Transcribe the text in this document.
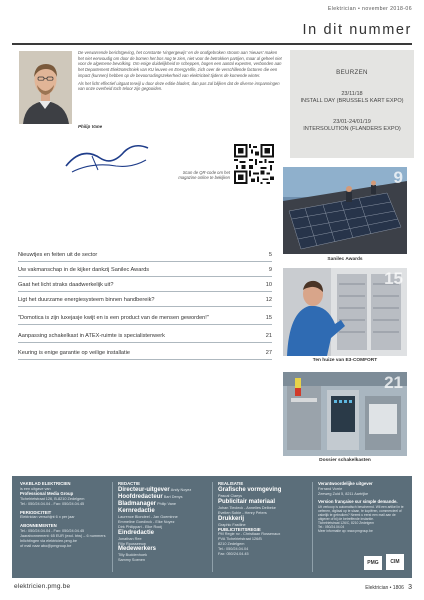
Elektrician • november 2018-06
In dit nummer

De verwarrende berichtgeving, het constante 'vingergewijs' en de onafgebroken stroom aan 'nieuws' maken het niet eenvoudig om door de bomen het bos nog te zien, niet voor de betrokken partijen, maar al geheel niet voor de algemene bevolking. Om enige duidelijkheid te scheppen, bogen een aantal experten, verbonden aan het Departement Elektrotechniek van KU leuven en EnergyVille, zich over de verschillende factoren die een impact (kunnen) hebben op de bevoorradingszekerheid van elektriciteit tijdens de komende winter.

Als het licht effectief uitgaat terwijl u door deze editie bladert, dan pas zal blijken dat de diverse inspanningen van onze overheid toch teloor zijn gegooiden.

Philip Vane
Scan de QR-code om het magazine online te bekijken
BEURZEN
23/11/18
INSTALL DAY (BRUSSELS KART EXPO)
23/01-24/01/19
INTERSOLUTION (FLANDERS EXPO)
Nieuwtjes en feiten uit de sector	5
Uw vakmanschap in de kijker dankzij Sanilec Awards	9
Gaat het licht straks daadwerkelijk uit?	10
Ligt het duurzame energiesysteem binnen handbereik?	12
"Domotica is zijn luxejasje kwijt en is een product van de mensen geworden!"	15
Aanpassing schakelkast in ATEX-ruimte is specialistenwerk	21
Keuring is enige garantie op veilige installatie	27
9
Sanilec Awards
15
Ten huize van E3-COMFORT
21
Dossier schakelkasten
VAKBLAD ELEKTRICIEN
is een uitgave van
Professional Media Group
Tichelrietstraat 126, B-8210 Zedelgem
Tel.: 050/24.04.04 - Fax: 050/24.04.45
PERIODICITEIT
Elektrician verschijnt 6 x per jaar
ABONNEMENTEN
Tel.: 050/24.04.04 - Fax: 050/24.04.45
Jaarabonnement: 65 EUR (excl. btw) – 6 nummers
Inlichtingen via elektricien.pmg.be
of mail naar abo@pmgroup.be
REDACTIE
Directeur-uitgever Andy Noyez
Hoofdredacteur Bart Denys
Bladmanager Philip Vane
Kernredactie
Laurence Blondeel - Jan Goeminne
Emmeline Goedinck - Elke Noyez
Dirk Philippart - Elke Rooij
Eindredactie
Jonathan Ree
Filip Rousseeuw
Medewerkers
Tilly Buddenhoek
Sammy Soenen
REALISATIE
Grafische vormgeving
Pascal Claeys
Publicitair materiaal
Johan Tiecleck - Annelies Delbeke
Evelien Sobie - Henry Peters
Drukkerij
Graphic Fastline
PUBLICITEITSREGIE
PM Regie nv - Christiaan Rossenaux
PVA Tichelrietstraat 126/B
8210 Zedelgem
Tel.: 050/24.04.04
Fax: 050/24.04.45
Verantwoordelijke uitgever
Ferrand Vorrie
Zeeweg Zuid 5, 8211 Aartrijke
Version française sur simple demande.
Uit verkoop is automatisch beschermd. Wil een artikel in te oefenen, digitaal op te slaan, te kopiëren, commercieel of zakelijk te gebruiken? Neemt u eerst een mail aan de uitgever of bij de betreffende instantie.
Tichelrietstraat 126/C, 8210 Zedelgem
Tel.: 050/24.04.04
Meer informatie op: www.pmgroup.be
PMG	CIM
elektricien.pmg.be	Elektrician • 1806 3
